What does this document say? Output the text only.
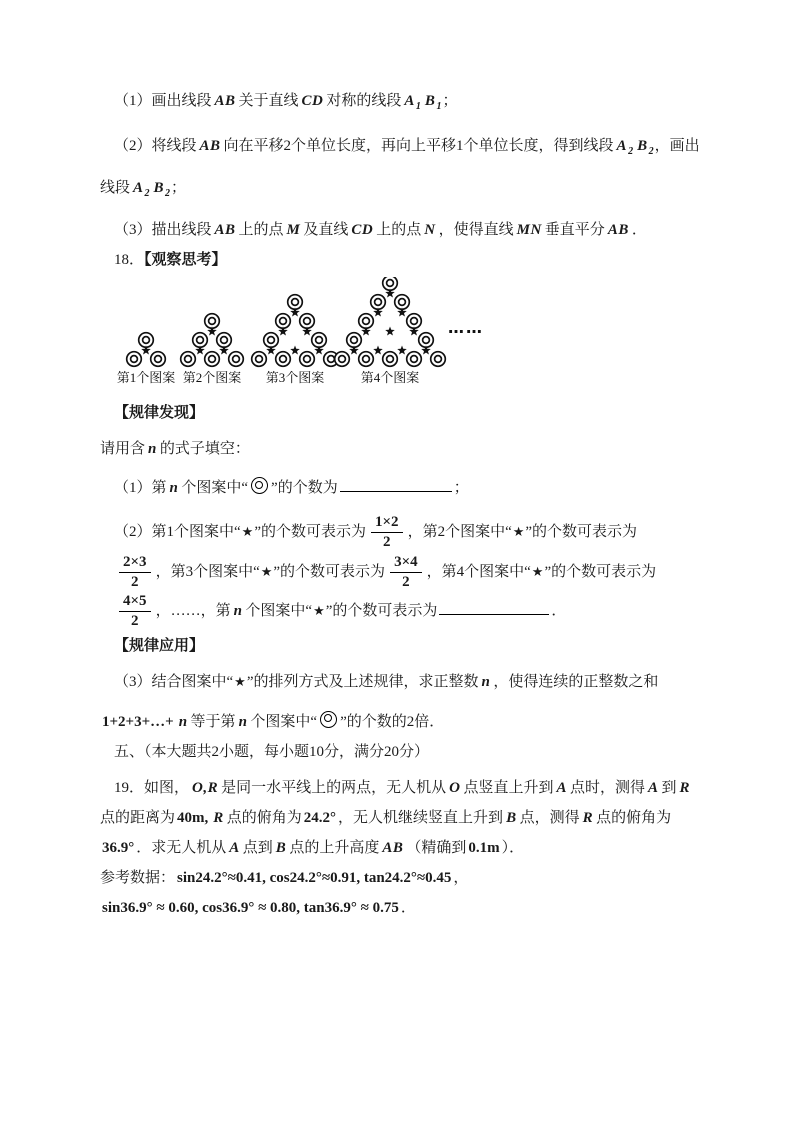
（1）画出线段 AB 关于直线 CD 对称的线段 $A_1$ $B_1$；

（2）将线段 AB 向在平移2个单位长度，再向上平移1个单位长度，得到线段 $A_2$ $B_2$，画出

线段 $A_2$ $B_2$；

（3）描出线段 AB 上的点 M 及直线 CD 上的点 N ，使得直线 MN 垂直平分 AB ．

18．【观察思考】

第1个图案 第2个图案 第3个图案	第4个图案
……

【规律发现】

请用含 n 的式子填空：

（1）第 n 个图案中“ ”的个数为	；

（2）第1个图案中“★”的个数可表示为 $\frac{1\times 2}{2}$ ，第2个图案中“★”的个数可表示为

$\frac{2\times 3}{2}$ ，第3个图案中“★”的个数可表示为 $\frac{3\times 4}{2}$ ，第4个图案中“★”的个数可表示为

$\frac{4\times 5}{2}$ ，……，第 n 个图案中“★”的个数可表示为	．

【规律应用】

（3）结合图案中“★”的排列方式及上述规律，求正整数 n ，使得连续的正整数之和

1+2+3+…+ n 等于第 n 个图案中“ ”的个数的2倍．

五、（本大题共2小题，每小题10分，满分20分）

19．如图， O,R 是同一水平线上的两点，无人机从 O 点竖直上升到 A 点时，测得 A 到 R

点的距离为 40m, R 点的俯角为 24.2° ，无人机继续竖直上升到 B 点，测得 R 点的俯角为

36.9° ．求无人机从 A 点到 B 点的上升高度 AB （精确到 0.1m ）．

参考数据： sin24.2°≈0.41, cos24.2°≈0.91, tan24.2°≈0.45 ，

sin36.9° ≈ 0.60, cos36.9° ≈ 0.80, tan36.9° ≈ 0.75 ．
